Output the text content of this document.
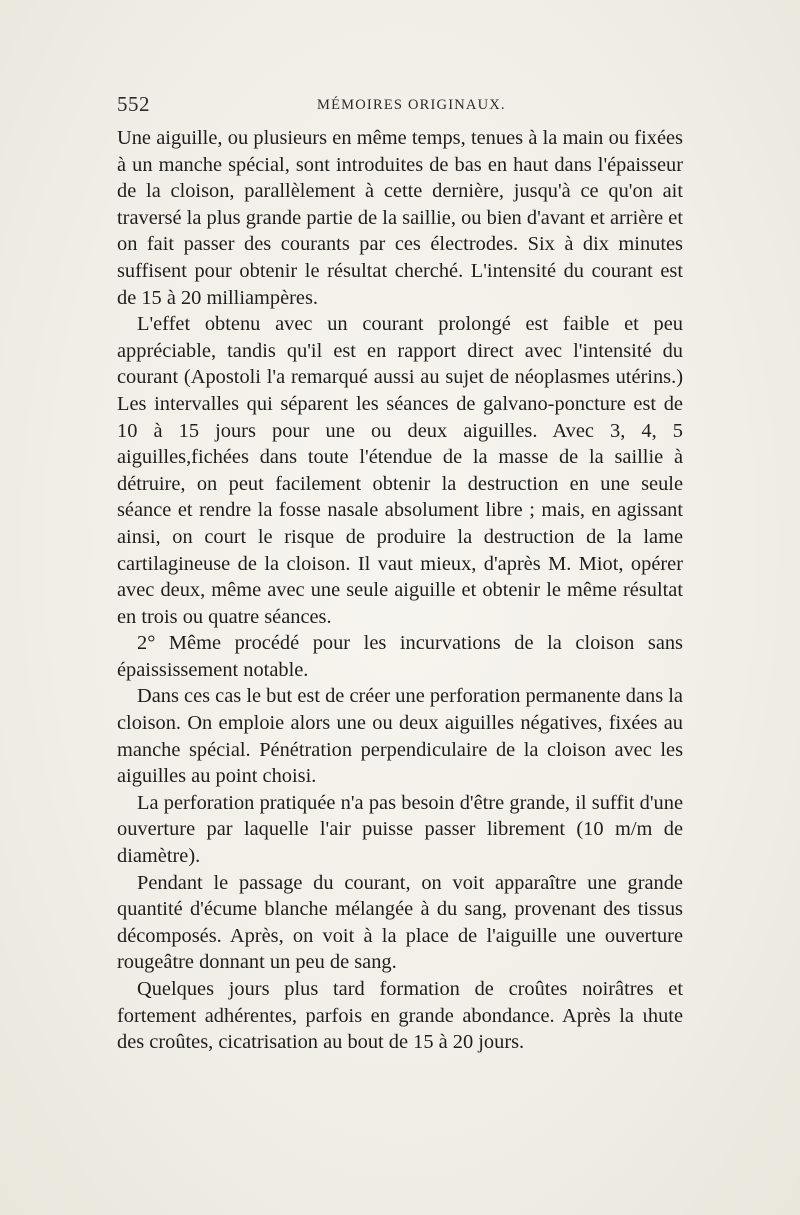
552	MÉMOIRES ORIGINAUX.

Une aiguille, ou plusieurs en même temps, tenues à la main ou fixées à un manche spécial, sont introduites de bas en haut dans l'épaisseur de la cloison, parallèlement à cette dernière, jusqu'à ce qu'on ait traversé la plus grande partie de la saillie, ou bien d'avant et arrière et on fait passer des courants par ces électrodes. Six à dix minutes suffisent pour obtenir le résultat cherché. L'intensité du courant est de 15 à 20 milliampères.

L'effet obtenu avec un courant prolongé est faible et peu appréciable, tandis qu'il est en rapport direct avec l'intensité du courant (Apostoli l'a remarqué aussi au sujet de néoplasmes utérins.) Les intervalles qui séparent les séances de galvano-poncture est de 10 à 15 jours pour une ou deux aiguilles. Avec 3, 4, 5 aiguilles,fichées dans toute l'étendue de la masse de la saillie à détruire, on peut facilement obtenir la destruction en une seule séance et rendre la fosse nasale absolument libre ; mais, en agissant ainsi, on court le risque de produire la destruction de la lame cartilagineuse de la cloison. Il vaut mieux, d'après M. Miot, opérer avec deux, même avec une seule aiguille et obtenir le même résultat en trois ou quatre séances.

2° Même procédé pour les incurvations de la cloison sans épaississement notable.

Dans ces cas le but est de créer une perforation permanente dans la cloison. On emploie alors une ou deux aiguilles négatives, fixées au manche spécial. Pénétration perpendiculaire de la cloison avec les aiguilles au point choisi.

La perforation pratiquée n'a pas besoin d'être grande, il suffit d'une ouverture par laquelle l'air puisse passer librement (10 m/m de diamètre).

Pendant le passage du courant, on voit apparaître une grande quantité d'écume blanche mélangée à du sang, provenant des tissus décomposés. Après, on voit à la place de l'aiguille une ouverture rougeâtre donnant un peu de sang.

Quelques jours plus tard formation de croûtes noirâtres et fortement adhérentes, parfois en grande abondance. Après la ɩhute des croûtes, cicatrisation au bout de 15 à 20 jours.
